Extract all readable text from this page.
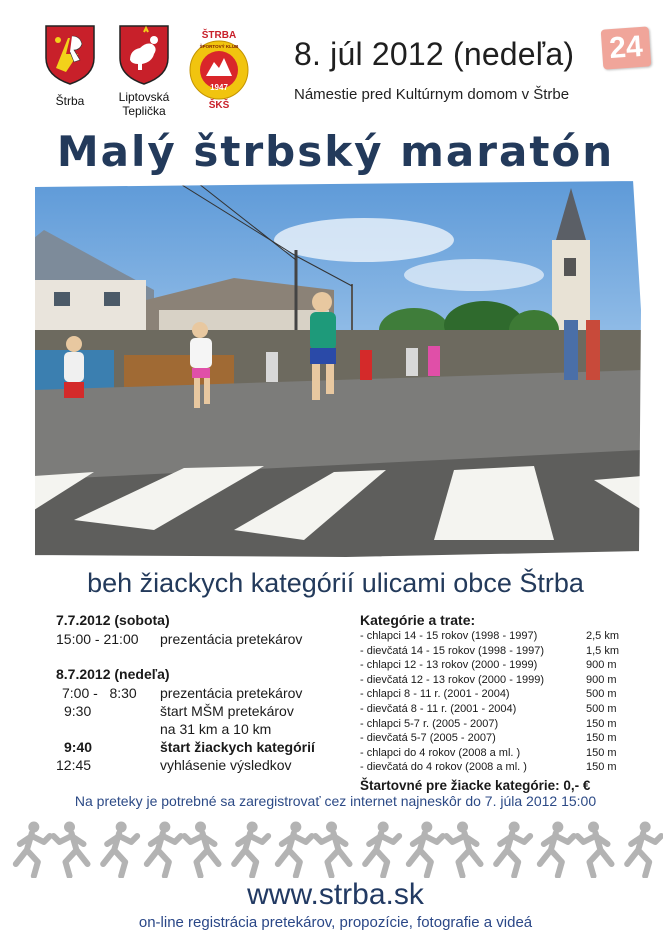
Štrba	Liptovská
Teplička
ŠTRBA
1947
ŠKŠ
ŠPORTOVÝ KLUB 8. júl 2012 (nedeľa) 24
Námestie pred Kultúrnym domom v Štrbe
Malý štrbský maratón
beh žiackych kategórií ulicami obce Štrba
7.7.2012 (sobota)
15:00 - 21:00	prezentácia pretekárov
8.7.2012 (nedeľa)
7:00 -   8:30	prezentácia pretekárov
9:30	štart MŠM pretekárov
na 31 km a 10 km
9:40	štart žiackych kategórií
12:45	vyhlásenie výsledkov
Kategórie a trate:
- chlapci 14 - 15 rokov (1998 - 1997)	2,5 km
- dievčatá 14 - 15 rokov (1998 - 1997)	1,5 km
- chlapci 12 - 13 rokov (2000 - 1999)	900 m
- dievčatá 12 - 13 rokov (2000 - 1999)	900 m
- chlapci 8 - 11 r. (2001 - 2004)	500 m
- dievčatá 8 - 11 r. (2001 - 2004)	500 m
- chlapci 5-7 r. (2005 - 2007)	150 m
- dievčatá 5-7 (2005 - 2007)	150 m
- chlapci do 4 rokov (2008 a ml. )	150 m
- dievčatá do 4 rokov (2008 a ml. )	150 m
Štartovné pre žiacke kategórie: 0,- €
Na preteky je potrebné sa zaregistrovať cez internet najneskôr do 7. júla 2012 15:00
www.strba.sk
on-line registrácia pretekárov, propozície, fotografie a videá
